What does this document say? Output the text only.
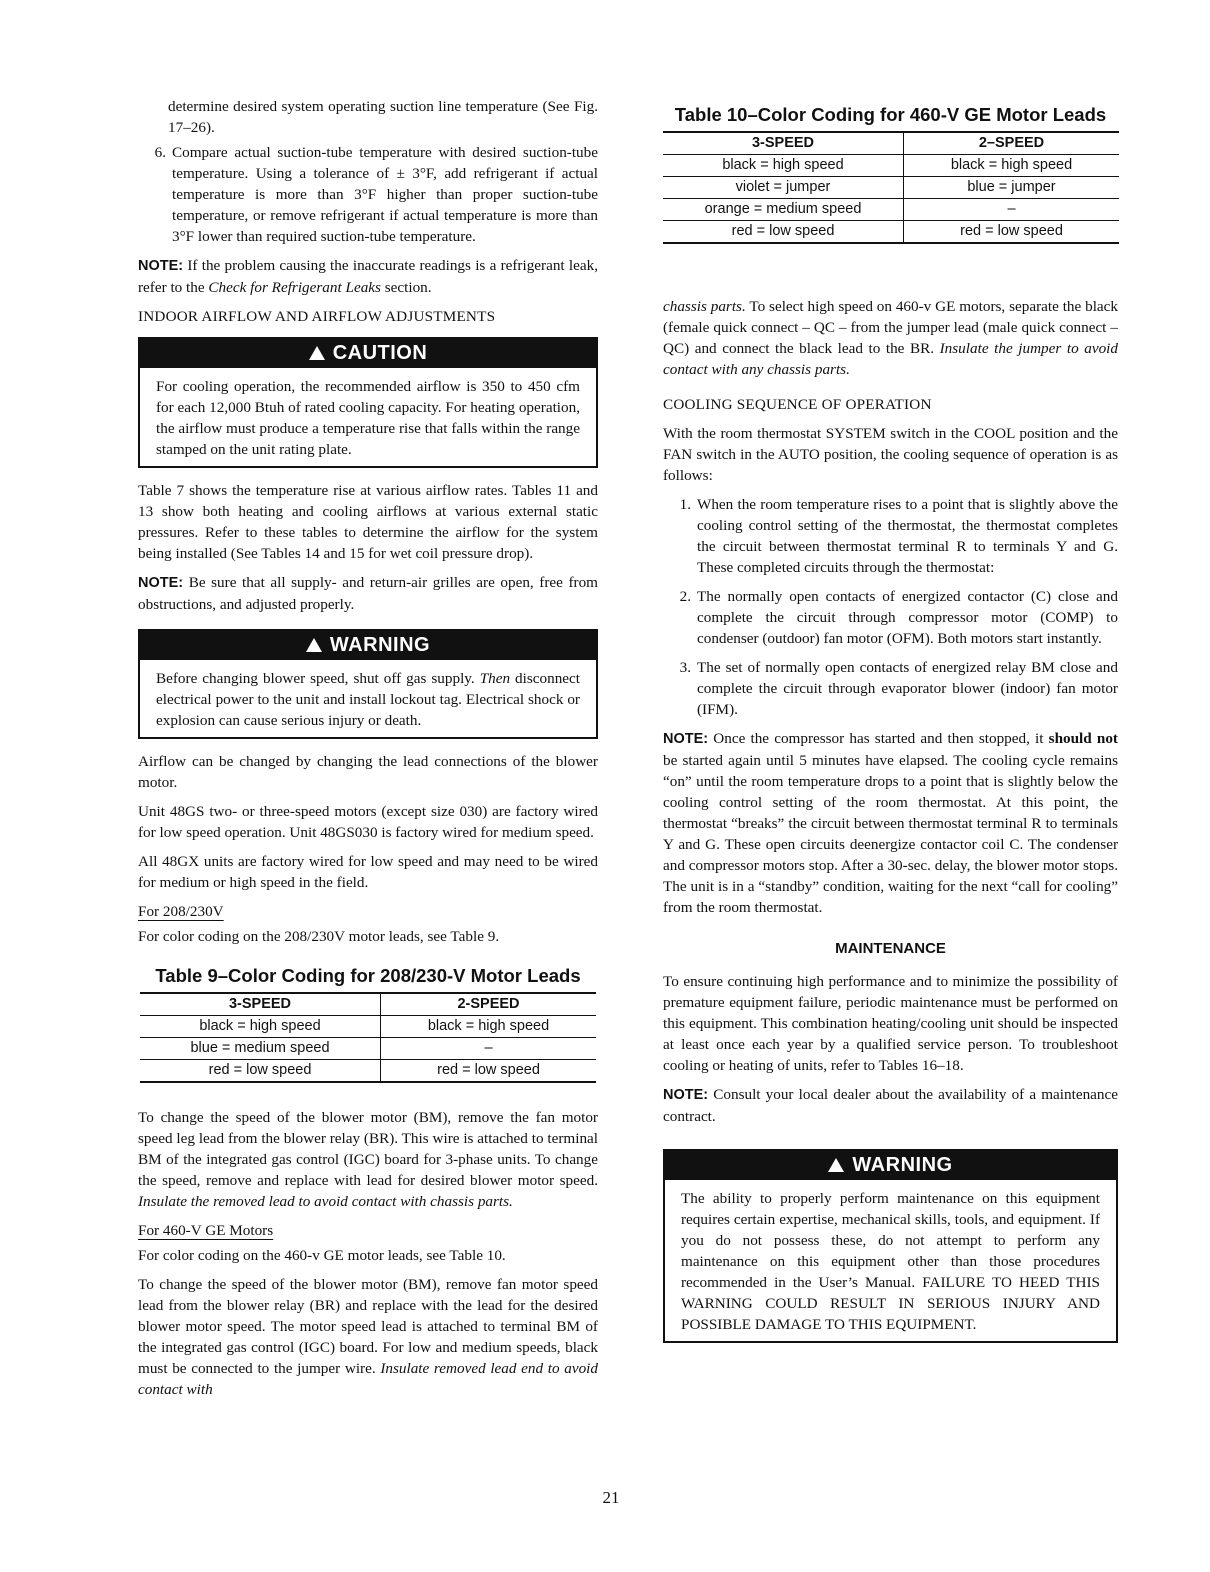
determine desired system operating suction line temperature (See Fig. 17–26).
6. Compare actual suction-tube temperature with desired suction-tube temperature. Using a tolerance of ± 3°F, add refrigerant if actual temperature is more than 3°F higher than proper suction-tube temperature, or remove refrigerant if actual temperature is more than 3°F lower than required suction-tube temperature.

NOTE: If the problem causing the inaccurate readings is a refrigerant leak, refer to the Check for Refrigerant Leaks section.

INDOOR AIRFLOW AND AIRFLOW ADJUSTMENTS
CAUTION
For cooling operation, the recommended airflow is 350 to 450 cfm for each 12,000 Btuh of rated cooling capacity. For heating operation, the airflow must produce a temperature rise that falls within the range stamped on the unit rating plate.

Table 7 shows the temperature rise at various airflow rates. Tables 11 and 13 show both heating and cooling airflows at various external static pressures. Refer to these tables to determine the airflow for the system being installed (See Tables 14 and 15 for wet coil pressure drop).

NOTE: Be sure that all supply- and return-air grilles are open, free from obstructions, and adjusted properly.

WARNING
Before changing blower speed, shut off gas supply. Then disconnect electrical power to the unit and install lockout tag. Electrical shock or explosion can cause serious injury or death.

Airflow can be changed by changing the lead connections of the blower motor.

Unit 48GS two- or three-speed motors (except size 030) are factory wired for low speed operation. Unit 48GS030 is factory wired for medium speed.

All 48GX units are factory wired for low speed and may need to be wired for medium or high speed in the field.

For 208/230V

For color coding on the 208/230V motor leads, see Table 9.

Table 9–Color Coding for 208/230-V Motor Leads
3-SPEED	2-SPEED
black = high speed	black = high speed
blue = medium speed	–
red = low speed	red = low speed

To change the speed of the blower motor (BM), remove the fan motor speed leg lead from the blower relay (BR). This wire is attached to terminal BM of the integrated gas control (IGC) board for 3-phase units. To change the speed, remove and replace with lead for desired blower motor speed. Insulate the removed lead to avoid contact with chassis parts.

For 460-V GE Motors

For color coding on the 460-v GE motor leads, see Table 10.

To change the speed of the blower motor (BM), remove fan motor speed lead from the blower relay (BR) and replace with the lead for the desired blower motor speed. The motor speed lead is attached to terminal BM of the integrated gas control (IGC) board. For low and medium speeds, black must be connected to the jumper wire. Insulate removed lead end to avoid contact with

Table 10–Color Coding for 460-V GE Motor Leads
3-SPEED	2–SPEED
black = high speed	black = high speed
violet = jumper	blue = jumper
orange = medium speed	–
red = low speed	red = low speed

chassis parts. To select high speed on 460-v GE motors, separate the black (female quick connect – QC – from the jumper lead (male quick connect – QC) and connect the black lead to the BR. Insulate the jumper to avoid contact with any chassis parts.

COOLING SEQUENCE OF OPERATION

With the room thermostat SYSTEM switch in the COOL position and the FAN switch in the AUTO position, the cooling sequence of operation is as follows:

1. When the room temperature rises to a point that is slightly above the cooling control setting of the thermostat, the thermostat completes the circuit between thermostat terminal R to terminals Y and G. These completed circuits through the thermostat:
2. The normally open contacts of energized contactor (C) close and complete the circuit through compressor motor (COMP) to condenser (outdoor) fan motor (OFM). Both motors start instantly.
3. The set of normally open contacts of energized relay BM close and complete the circuit through evaporator blower (indoor) fan motor (IFM).

NOTE: Once the compressor has started and then stopped, it should not be started again until 5 minutes have elapsed. The cooling cycle remains “on” until the room temperature drops to a point that is slightly below the cooling control setting of the room thermostat. At this point, the thermostat “breaks” the circuit between thermostat terminal R to terminals Y and G. These open circuits deenergize contactor coil C. The condenser and compressor motors stop. After a 30-sec. delay, the blower motor stops. The unit is in a “standby” condition, waiting for the next “call for cooling” from the room thermostat.

MAINTENANCE

To ensure continuing high performance and to minimize the possibility of premature equipment failure, periodic maintenance must be performed on this equipment. This combination heating/cooling unit should be inspected at least once each year by a qualified service person. To troubleshoot cooling or heating of units, refer to Tables 16–18.

NOTE: Consult your local dealer about the availability of a maintenance contract.

WARNING
The ability to properly perform maintenance on this equipment requires certain expertise, mechanical skills, tools, and equipment. If you do not possess these, do not attempt to perform any maintenance on this equipment other than those procedures recommended in the User’s Manual. FAILURE TO HEED THIS WARNING COULD RESULT IN SERIOUS INJURY AND POSSIBLE DAMAGE TO THIS EQUIPMENT.
21
